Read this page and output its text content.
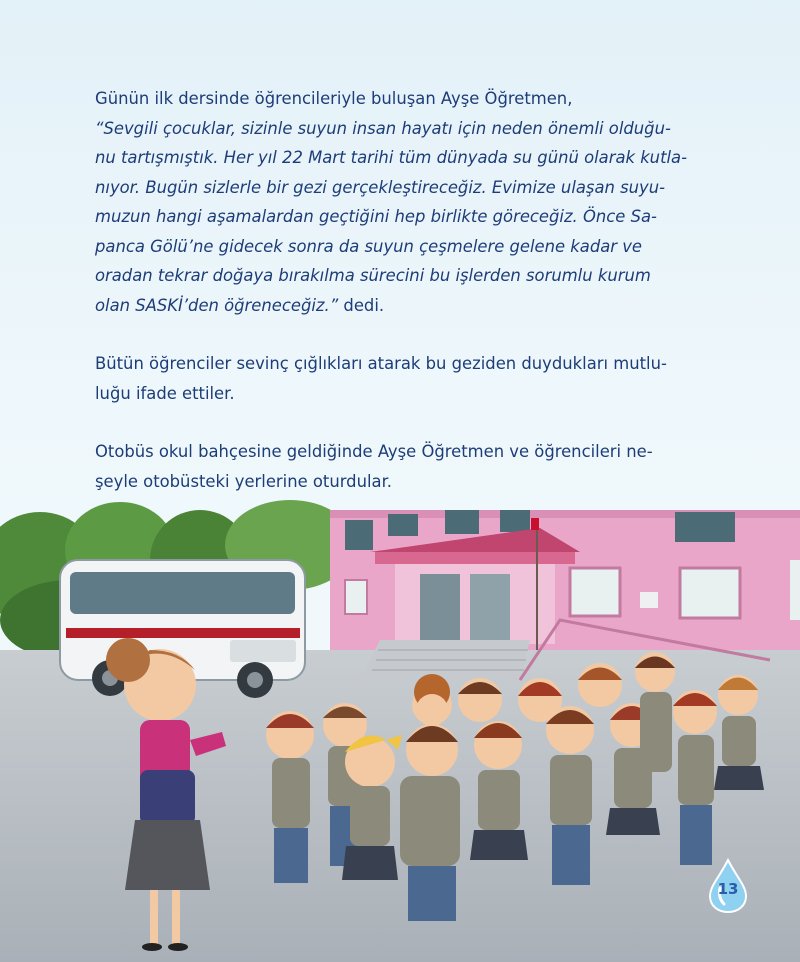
Günün ilk dersinde öğrencileriyle buluşan Ayşe Öğretmen,
“Sevgili çocuklar, sizinle suyun insan hayatı için neden önemli olduğu-
nu tartışmıştık. Her yıl 22 Mart tarihi tüm dünyada su günü olarak kutla-
nıyor. Bugün sizlerle bir gezi gerçekleştireceğiz. Evimize ulaşan suyu-
muzun hangi aşamalardan geçtiğini hep birlikte göreceğiz. Önce Sa-
panca Gölü’ne gidecek sonra da suyun çeşmelere gelene kadar ve
oradan tekrar doğaya bırakılma sürecini bu işlerden sorumlu kurum
olan SASKİ’den öğreneceğiz.” dedi.

Bütün öğrenciler sevinç çığlıkları atarak bu geziden duydukları mutlu-
luğu ifade ettiler.

Otobüs okul bahçesine geldiğinde Ayşe Öğretmen ve öğrencileri ne-
şeyle otobüsteki yerlerine oturdular.

13
